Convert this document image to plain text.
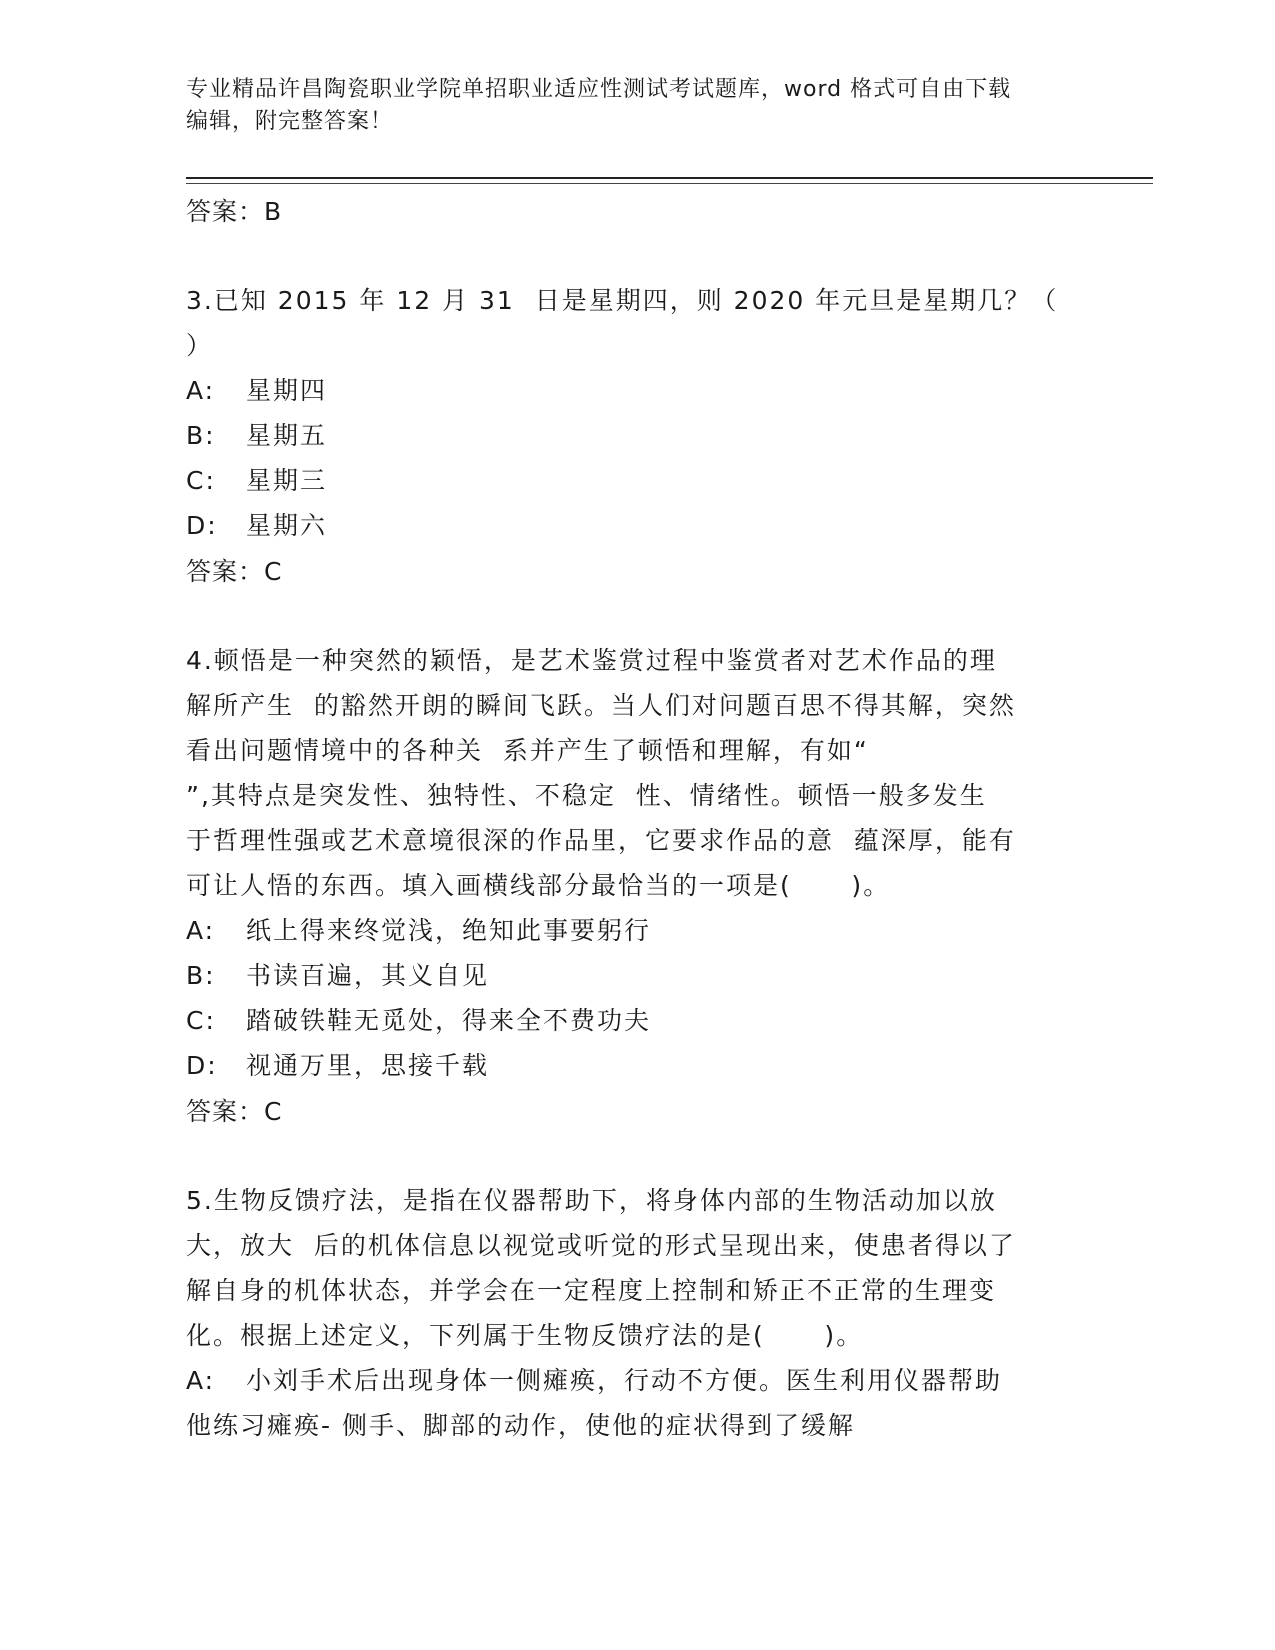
专业精品许昌陶瓷职业学院单招职业适应性测试考试题库，word 格式可自由下载
编辑，附完整答案！
答案：B
3.已知 2015 年 12 月 31  日是星期四，则 2020 年元旦是星期几？（
）
A: 星期四
B: 星期五
C: 星期三
D: 星期六
答案：C
4.顿悟是一种突然的颖悟，是艺术鉴赏过程中鉴赏者对艺术作品的理
解所产生  的豁然开朗的瞬间飞跃。当人们对问题百思不得其解，突然
看出问题情境中的各种关  系并产生了顿悟和理解，有如“
”,其特点是突发性、独特性、不稳定  性、情绪性。顿悟一般多发生
于哲理性强或艺术意境很深的作品里，它要求作品的意  蕴深厚，能有
可让人悟的东西。填入画横线部分最恰当的一项是(      )。
A: 纸上得来终觉浅，绝知此事要躬行
B: 书读百遍，其义自见
C: 踏破铁鞋无觅处，得来全不费功夫
D: 视通万里，思接千载
答案：C
5.生物反馈疗法，是指在仪器帮助下，将身体内部的生物活动加以放
大，放大  后的机体信息以视觉或听觉的形式呈现出来，使患者得以了
解自身的机体状态，并学会在一定程度上控制和矫正不正常的生理变
化。根据上述定义，下列属于生物反馈疗法的是(      )。
A: 小刘手术后出现身体一侧瘫痪，行动不方便。医生利用仪器帮助
他练习瘫痪- 侧手、脚部的动作，使他的症状得到了缓解
